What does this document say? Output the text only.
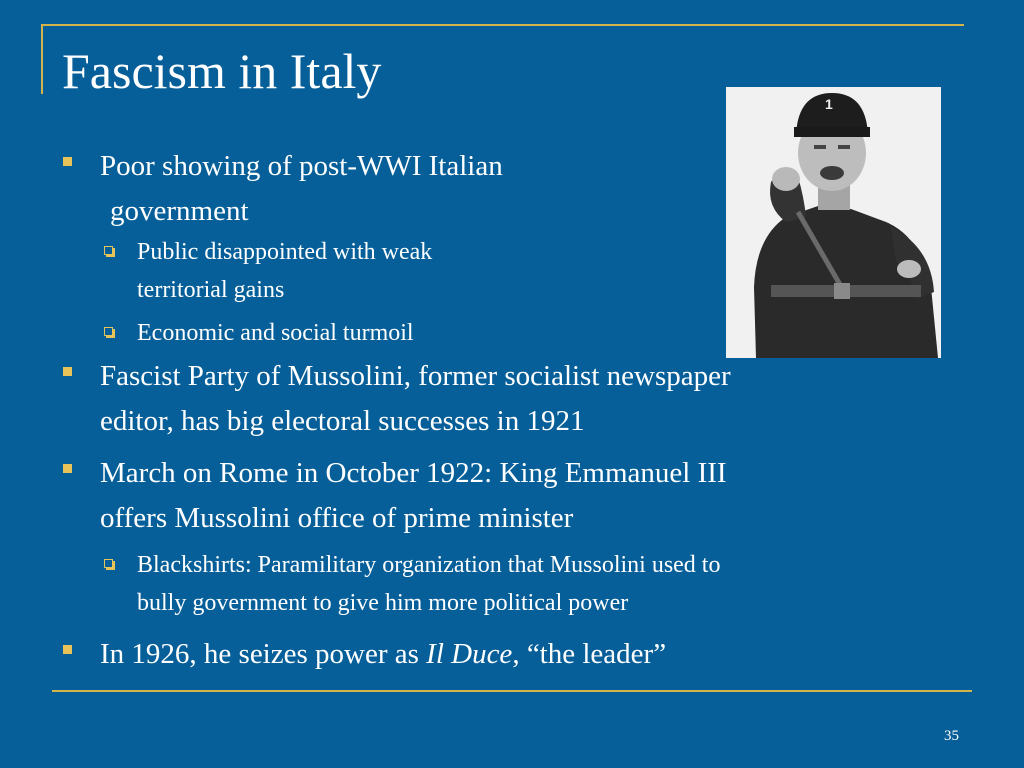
Fascism in Italy
1
Poor showing of post-WWI Italian
government
Public disappointed with weak
territorial gains
Economic and social turmoil
Fascist Party of Mussolini, former socialist newspaper
editor, has big electoral successes in 1921
March on Rome in October 1922: King Emmanuel III
offers Mussolini office of prime minister
Blackshirts: Paramilitary organization that Mussolini used to
bully government to give him more political power
In 1926, he seizes power as Il Duce, “the leader”
35
